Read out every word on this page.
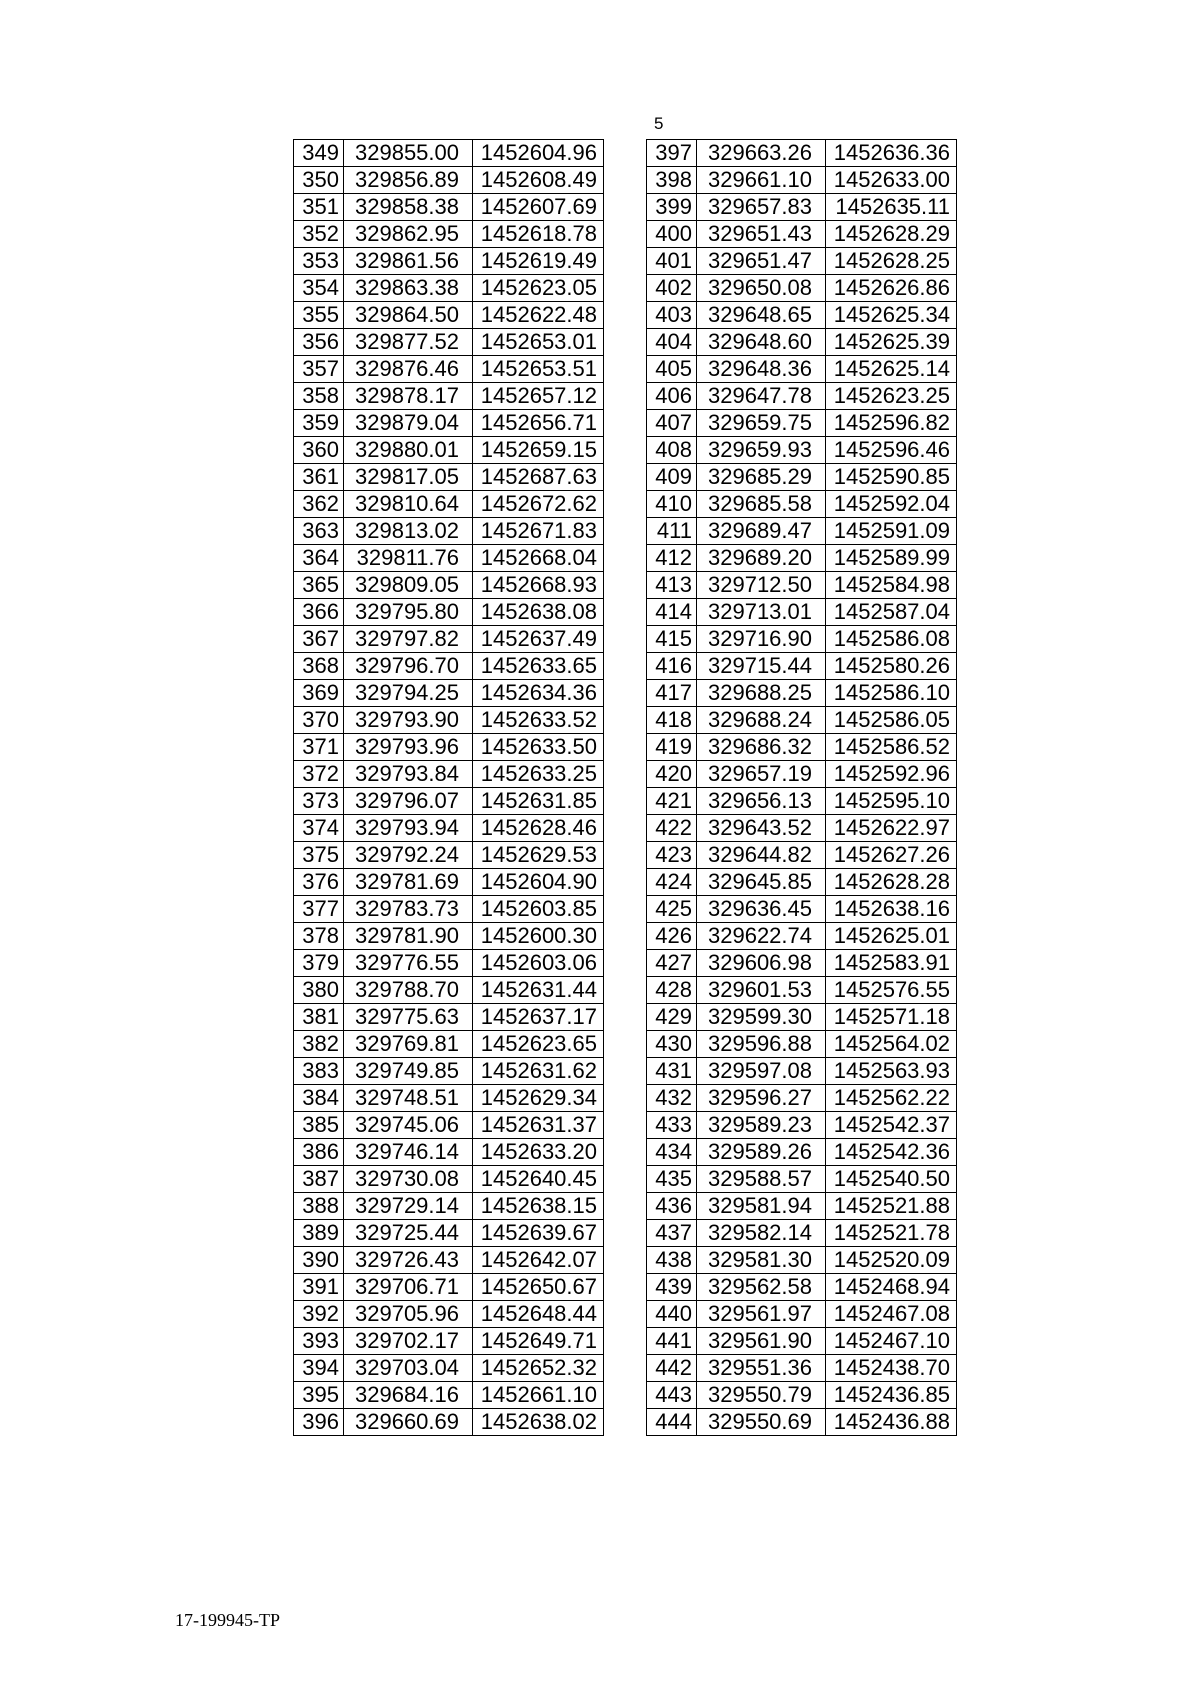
5
349	329855.00	1452604.96
350	329856.89	1452608.49
351	329858.38	1452607.69
352	329862.95	1452618.78
353	329861.56	1452619.49
354	329863.38	1452623.05
355	329864.50	1452622.48
356	329877.52	1452653.01
357	329876.46	1452653.51
358	329878.17	1452657.12
359	329879.04	1452656.71
360	329880.01	1452659.15
361	329817.05	1452687.63
362	329810.64	1452672.62
363	329813.02	1452671.83
364	329811.76	1452668.04
365	329809.05	1452668.93
366	329795.80	1452638.08
367	329797.82	1452637.49
368	329796.70	1452633.65
369	329794.25	1452634.36
370	329793.90	1452633.52
371	329793.96	1452633.50
372	329793.84	1452633.25
373	329796.07	1452631.85
374	329793.94	1452628.46
375	329792.24	1452629.53
376	329781.69	1452604.90
377	329783.73	1452603.85
378	329781.90	1452600.30
379	329776.55	1452603.06
380	329788.70	1452631.44
381	329775.63	1452637.17
382	329769.81	1452623.65
383	329749.85	1452631.62
384	329748.51	1452629.34
385	329745.06	1452631.37
386	329746.14	1452633.20
387	329730.08	1452640.45
388	329729.14	1452638.15
389	329725.44	1452639.67
390	329726.43	1452642.07
391	329706.71	1452650.67
392	329705.96	1452648.44
393	329702.17	1452649.71
394	329703.04	1452652.32
395	329684.16	1452661.10
396	329660.69	1452638.02
397	329663.26	1452636.36
398	329661.10	1452633.00
399	329657.83	1452635.11
400	329651.43	1452628.29
401	329651.47	1452628.25
402	329650.08	1452626.86
403	329648.65	1452625.34
404	329648.60	1452625.39
405	329648.36	1452625.14
406	329647.78	1452623.25
407	329659.75	1452596.82
408	329659.93	1452596.46
409	329685.29	1452590.85
410	329685.58	1452592.04
411	329689.47	1452591.09
412	329689.20	1452589.99
413	329712.50	1452584.98
414	329713.01	1452587.04
415	329716.90	1452586.08
416	329715.44	1452580.26
417	329688.25	1452586.10
418	329688.24	1452586.05
419	329686.32	1452586.52
420	329657.19	1452592.96
421	329656.13	1452595.10
422	329643.52	1452622.97
423	329644.82	1452627.26
424	329645.85	1452628.28
425	329636.45	1452638.16
426	329622.74	1452625.01
427	329606.98	1452583.91
428	329601.53	1452576.55
429	329599.30	1452571.18
430	329596.88	1452564.02
431	329597.08	1452563.93
432	329596.27	1452562.22
433	329589.23	1452542.37
434	329589.26	1452542.36
435	329588.57	1452540.50
436	329581.94	1452521.88
437	329582.14	1452521.78
438	329581.30	1452520.09
439	329562.58	1452468.94
440	329561.97	1452467.08
441	329561.90	1452467.10
442	329551.36	1452438.70
443	329550.79	1452436.85
444	329550.69	1452436.88
17-199945-TP
